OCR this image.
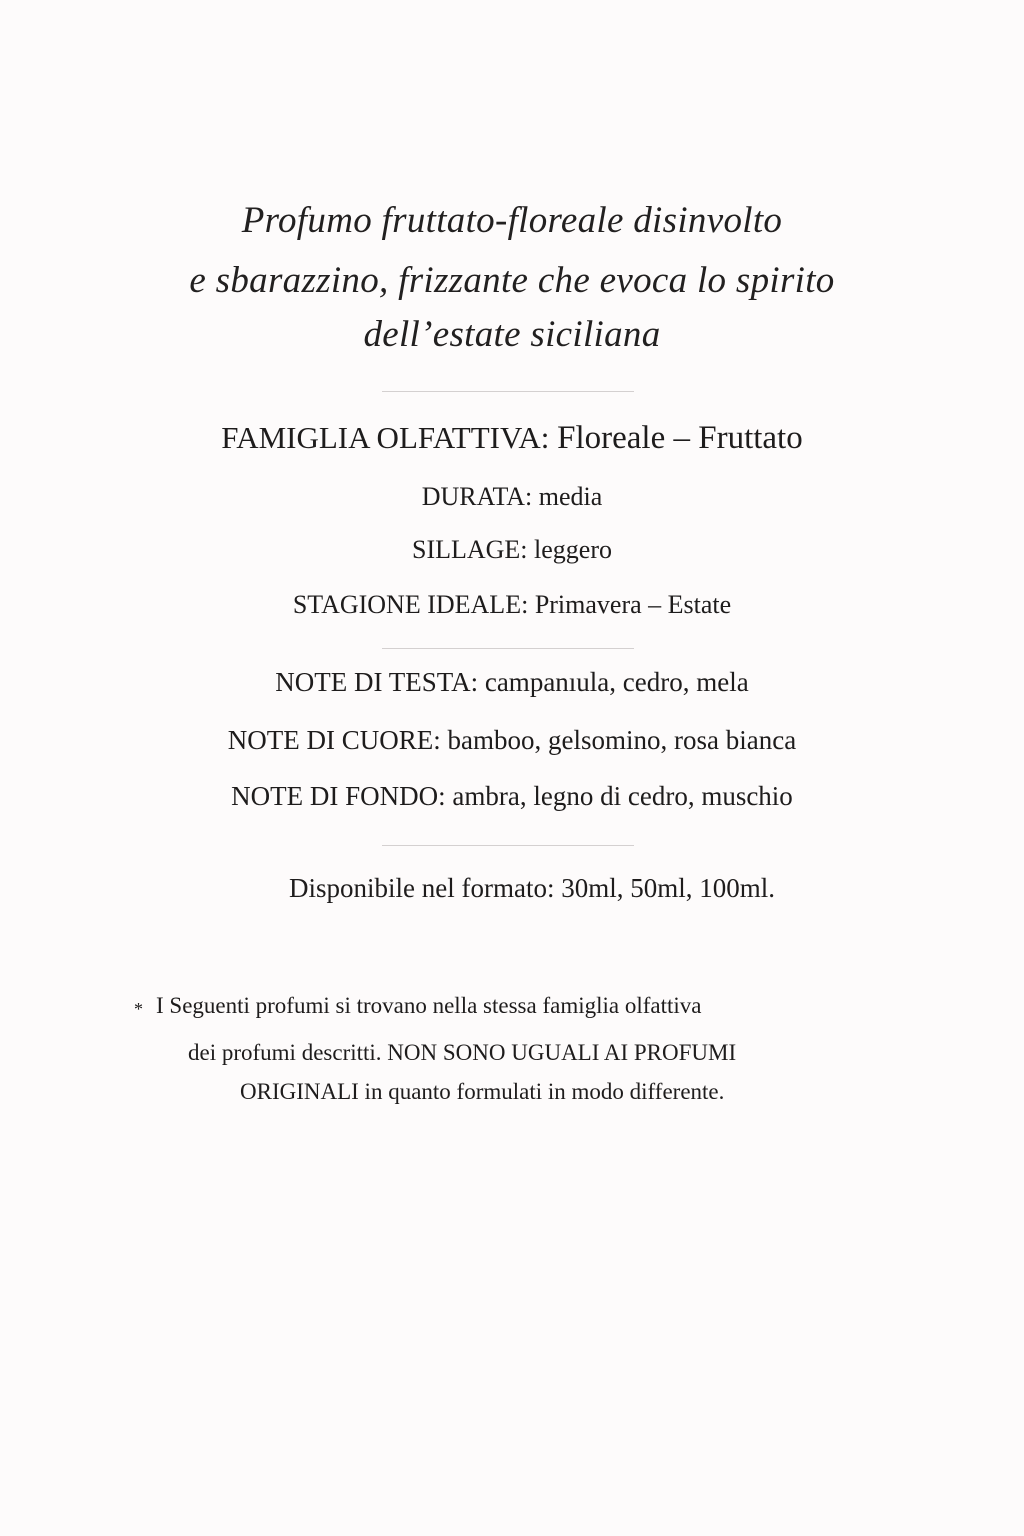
Profumo fruttato-floreale disinvolto
e sbarazzino, frizzante che evoca lo spirito
dell’estate siciliana
FAMIGLIA OLFATTIVA: Floreale – Fruttato
DURATA: media
SILLAGE: leggero
STAGIONE IDEALE: Primavera – Estate
NOTE DI TESTA: campanıula, cedro, mela
NOTE DI CUORE: bamboo, gelsomino, rosa bianca
NOTE DI FONDO: ambra, legno di cedro, muschio
Disponibile nel formato: 30ml, 50ml, 100ml.
* I Seguenti profumi si trovano nella stessa famiglia olfattiva
dei profumi descritti. NON SONO UGUALI AI PROFUMI
ORIGINALI in quanto formulati in modo differente.
